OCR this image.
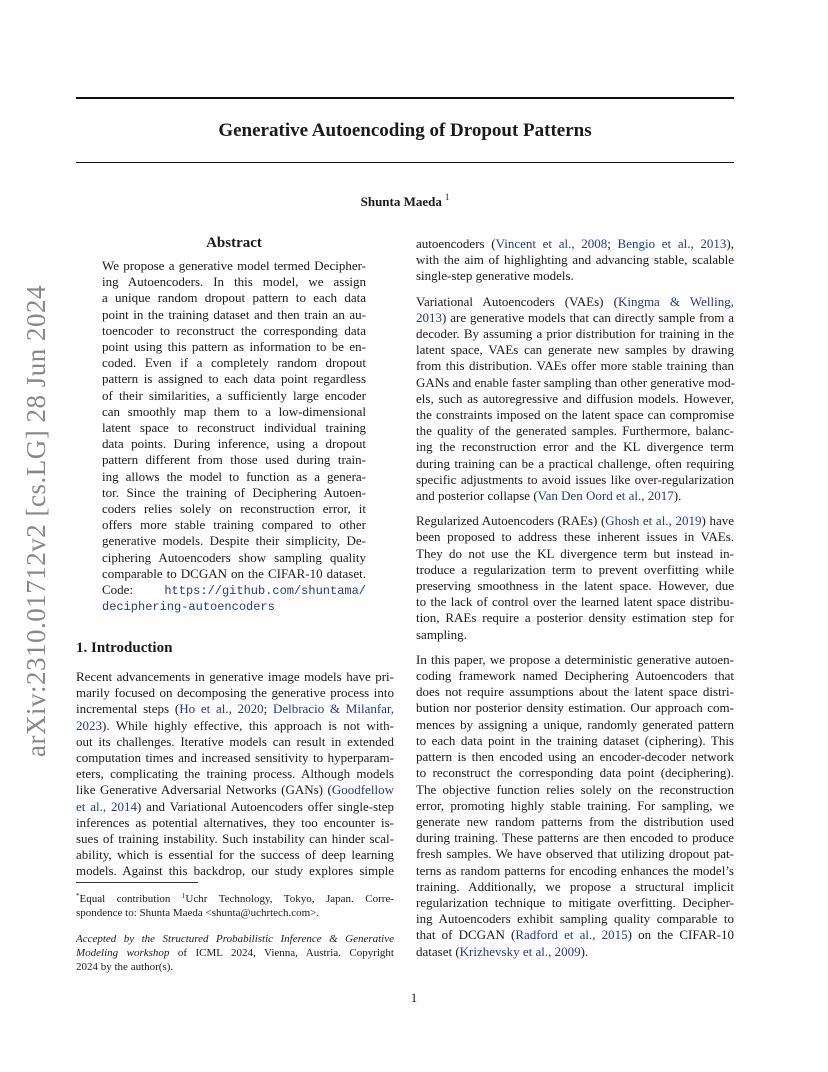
Generative Autoencoding of Dropout Patterns
Shunta Maeda $^1$
arXiv:2310.01712v2 [cs.LG] 28 Jun 2024
Abstract
We propose a generative model termed Decipher-
ing Autoencoders. In this model, we assign
a unique random dropout pattern to each data
point in the training dataset and then train an au-
toencoder to reconstruct the corresponding data
point using this pattern as information to be en-
coded. Even if a completely random dropout
pattern is assigned to each data point regardless
of their similarities, a sufficiently large encoder
can smoothly map them to a low-dimensional
latent space to reconstruct individual training
data points. During inference, using a dropout
pattern different from those used during train-
ing allows the model to function as a genera-
tor. Since the training of Deciphering Autoen-
coders relies solely on reconstruction error, it
offers more stable training compared to other
generative models. Despite their simplicity, De-
ciphering Autoencoders show sampling quality
comparable to DCGAN on the CIFAR-10 dataset.
Code:	https://github.com/shuntama/
deciphering-autoencoders
1. Introduction
Recent advancements in generative image models have pri-
marily focused on decomposing the generative process into
incremental steps (Ho et al., 2020; Delbracio & Milanfar,
2023). While highly effective, this approach is not with-
out its challenges. Iterative models can result in extended
computation times and increased sensitivity to hyperparam-
eters, complicating the training process. Although models
like Generative Adversarial Networks (GANs) (Goodfellow
et al., 2014) and Variational Autoencoders offer single-step
inferences as potential alternatives, they too encounter is-
sues of training instability. Such instability can hinder scal-
ability, which is essential for the success of deep learning
models. Against this backdrop, our study explores simple
*Equal contribution $^1$Uchr Technology, Tokyo, Japan. Corre-
spondence to: Shunta Maeda <shunta@uchrtech.com>.
Accepted by the Structured Probabilistic Inference & Generative
Modeling workshop of ICML 2024, Vienna, Austria. Copyright
2024 by the author(s).

autoencoders (Vincent et al., 2008; Bengio et al., 2013),
with the aim of highlighting and advancing stable, scalable
single-step generative models.

Variational Autoencoders (VAEs) (Kingma & Welling,
2013) are generative models that can directly sample from a
decoder. By assuming a prior distribution for training in the
latent space, VAEs can generate new samples by drawing
from this distribution. VAEs offer more stable training than
GANs and enable faster sampling than other generative mod-
els, such as autoregressive and diffusion models. However,
the constraints imposed on the latent space can compromise
the quality of the generated samples. Furthermore, balanc-
ing the reconstruction error and the KL divergence term
during training can be a practical challenge, often requiring
specific adjustments to avoid issues like over-regularization
and posterior collapse (Van Den Oord et al., 2017).

Regularized Autoencoders (RAEs) (Ghosh et al., 2019) have
been proposed to address these inherent issues in VAEs.
They do not use the KL divergence term but instead in-
troduce a regularization term to prevent overfitting while
preserving smoothness in the latent space. However, due
to the lack of control over the learned latent space distribu-
tion, RAEs require a posterior density estimation step for
sampling.

In this paper, we propose a deterministic generative autoen-
coding framework named Deciphering Autoencoders that
does not require assumptions about the latent space distri-
bution nor posterior density estimation. Our approach com-
mences by assigning a unique, randomly generated pattern
to each data point in the training dataset (ciphering). This
pattern is then encoded using an encoder-decoder network
to reconstruct the corresponding data point (deciphering).
The objective function relies solely on the reconstruction
error, promoting highly stable training. For sampling, we
generate new random patterns from the distribution used
during training. These patterns are then encoded to produce
fresh samples. We have observed that utilizing dropout pat-
terns as random patterns for encoding enhances the model’s
training. Additionally, we propose a structural implicit
regularization technique to mitigate overfitting. Decipher-
ing Autoencoders exhibit sampling quality comparable to
that of DCGAN (Radford et al., 2015) on the CIFAR-10
dataset (Krizhevsky et al., 2009).

1
